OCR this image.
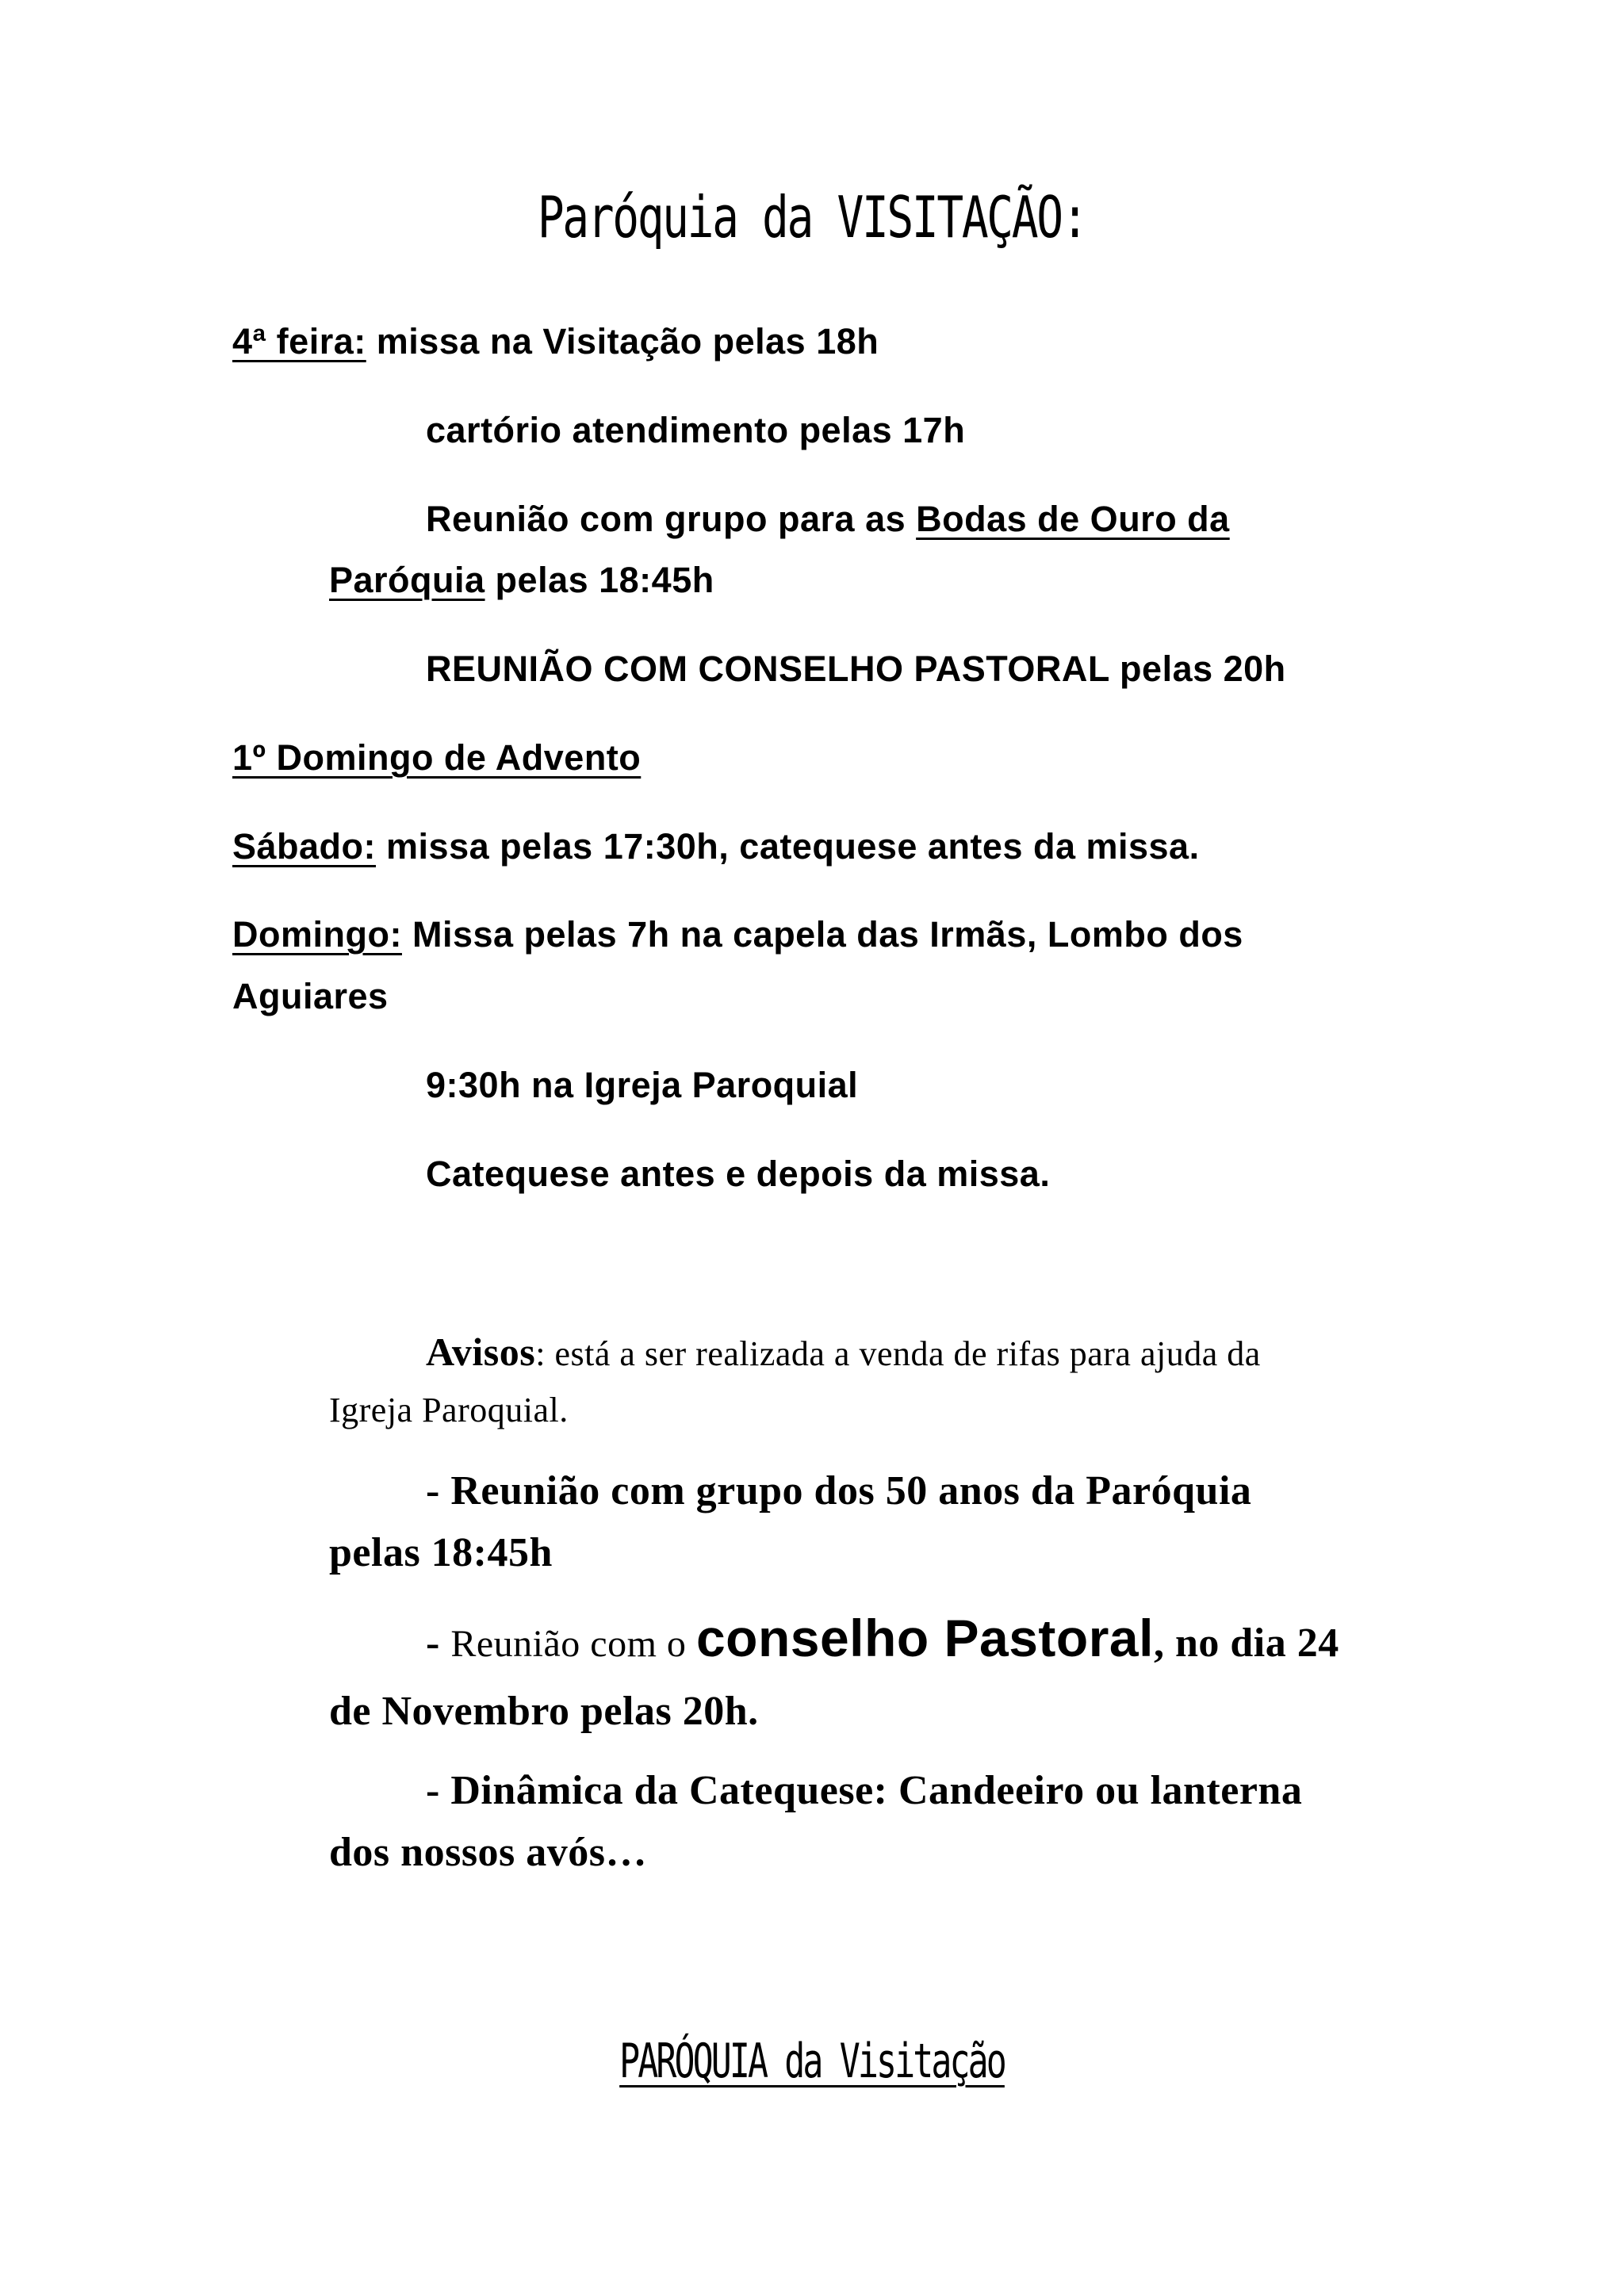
Paróquia da VISITAÇÃO:
4ª feira: missa na Visitação pelas 18h
cartório atendimento pelas 17h
Reunião com grupo para as Bodas de Ouro da
Paróquia pelas 18:45h
REUNIÃO COM CONSELHO PASTORAL pelas 20h
1º Domingo de Advento
Sábado: missa pelas 17:30h, catequese antes da missa.
Domingo: Missa pelas 7h na capela das Irmãs, Lombo dos
Aguiares
9:30h na Igreja Paroquial
Catequese antes e depois da missa.
Avisos: está a ser realizada a venda de rifas para ajuda da
Igreja Paroquial.
- Reunião com grupo dos 50 anos da Paróquia
pelas 18:45h
- Reunião com o conselho Pastoral, no dia 24
de Novembro pelas 20h.
- Dinâmica da Catequese: Candeeiro ou lanterna
dos nossos avós…
PARÓQUIA da Visitação
